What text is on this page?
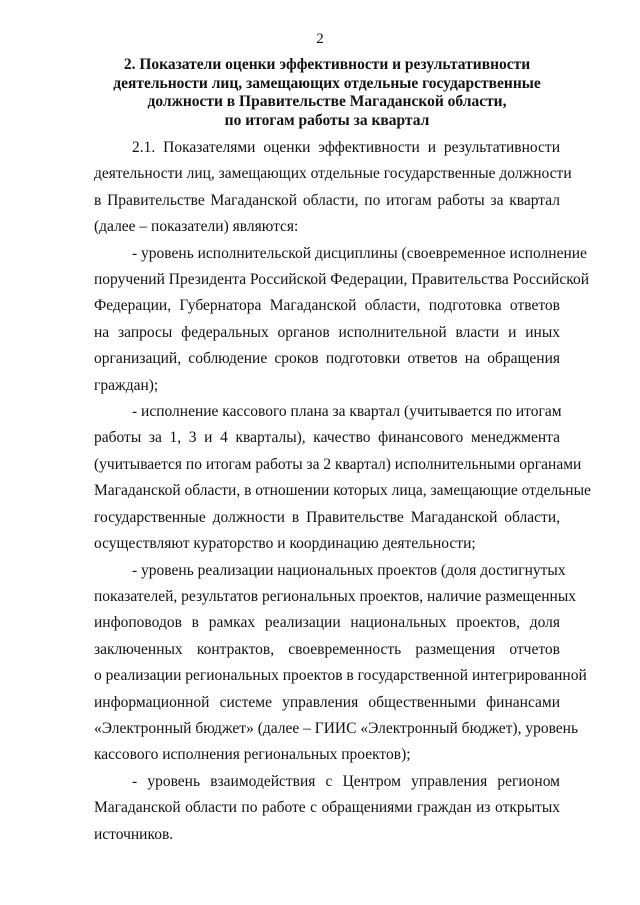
2
2. Показатели оценки эффективности и результативности
деятельности лиц, замещающих отдельные государственные
должности в Правительстве Магаданской области,
по итогам работы за квартал

2.1. Показателями оценки эффективности и результативности
деятельности лиц, замещающих отдельные государственные должности
в Правительстве Магаданской области, по итогам работы за квартал
(далее – показатели) являются:

- уровень исполнительской дисциплины (своевременное исполнение
поручений Президента Российской Федерации, Правительства Российской
Федерации, Губернатора Магаданской области, подготовка ответов
на запросы федеральных органов исполнительной власти и иных
организаций, соблюдение сроков подготовки ответов на обращения
граждан);

- исполнение кассового плана за квартал (учитывается по итогам
работы за 1, 3 и 4 кварталы), качество финансового менеджмента
(учитывается по итогам работы за 2 квартал) исполнительными органами
Магаданской области, в отношении которых лица, замещающие отдельные
государственные должности в Правительстве Магаданской области,
осуществляют кураторство и координацию деятельности;

- уровень реализации национальных проектов (доля достигнутых
показателей, результатов региональных проектов, наличие размещенных
инфоповодов в рамках реализации национальных проектов, доля
заключенных контрактов, своевременность размещения отчетов
о реализации региональных проектов в государственной интегрированной
информационной системе управления общественными финансами
«Электронный бюджет» (далее – ГИИС «Электронный бюджет), уровень
кассового исполнения региональных проектов);

- уровень взаимодействия с Центром управления регионом
Магаданской области по работе с обращениями граждан из открытых
источников.
